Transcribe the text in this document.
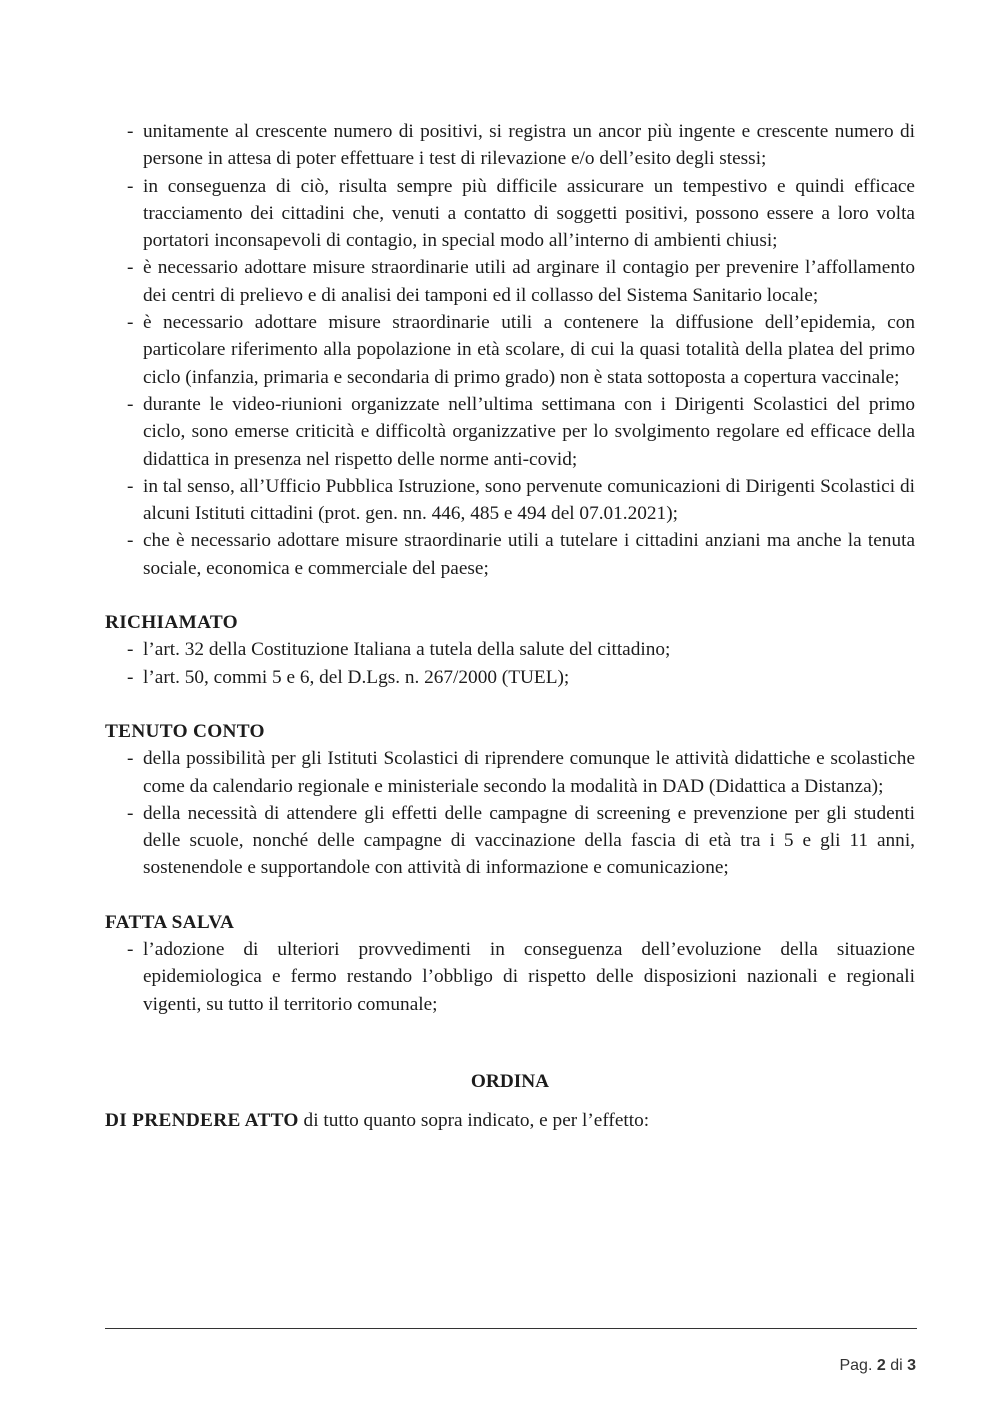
- unitamente al crescente numero di positivi, si registra un ancor più ingente e crescente numero di persone in attesa di poter effettuare i test di rilevazione e/o dell’esito degli stessi;
- in conseguenza di ciò, risulta sempre più difficile assicurare un tempestivo e quindi efficace tracciamento dei cittadini che, venuti a contatto di soggetti positivi, possono essere a loro volta portatori inconsapevoli di contagio, in special modo all’interno di ambienti chiusi;
- è necessario adottare misure straordinarie utili ad arginare il contagio per prevenire l’affollamento dei centri di prelievo e di analisi dei tamponi ed il collasso del Sistema Sanitario locale;
- è necessario adottare misure straordinarie utili a contenere la diffusione dell’epidemia, con particolare riferimento alla popolazione in età scolare, di cui la quasi totalità della platea del primo ciclo (infanzia, primaria e secondaria di primo grado) non è stata sottoposta a copertura vaccinale;
- durante le video-riunioni organizzate nell’ultima settimana con i Dirigenti Scolastici del primo ciclo, sono emerse criticità e difficoltà organizzative per lo svolgimento regolare ed efficace della didattica in presenza nel rispetto delle norme anti-covid;
- in tal senso, all’Ufficio Pubblica Istruzione, sono pervenute comunicazioni di Dirigenti Scolastici di alcuni Istituti cittadini (prot. gen. nn. 446, 485 e 494 del 07.01.2021);
- che è necessario adottare misure straordinarie utili a tutelare i cittadini anziani ma anche la tenuta sociale, economica e commerciale del paese;
RICHIAMATO
- l’art. 32 della Costituzione Italiana a tutela della salute del cittadino;
- l’art. 50, commi 5 e 6, del D.Lgs. n. 267/2000 (TUEL);
TENUTO CONTO
- della possibilità per gli Istituti Scolastici di riprendere comunque le attività didattiche e scolastiche come da calendario regionale e ministeriale secondo la modalità in DAD (Didattica a Distanza);
- della necessità di attendere gli effetti delle campagne di screening e prevenzione per gli studenti delle scuole, nonché delle campagne di vaccinazione della fascia di età tra i 5 e gli 11 anni, sostenendole e supportandole con attività di informazione e comunicazione;
FATTA SALVA
- l’adozione di ulteriori provvedimenti in conseguenza dell’evoluzione della situazione epidemiologica e fermo restando l’obbligo di rispetto delle disposizioni nazionali e regionali vigenti, su tutto il territorio comunale;
ORDINA
DI PRENDERE ATTO di tutto quanto sopra indicato, e per l’effetto:
Pag. 2 di 3
